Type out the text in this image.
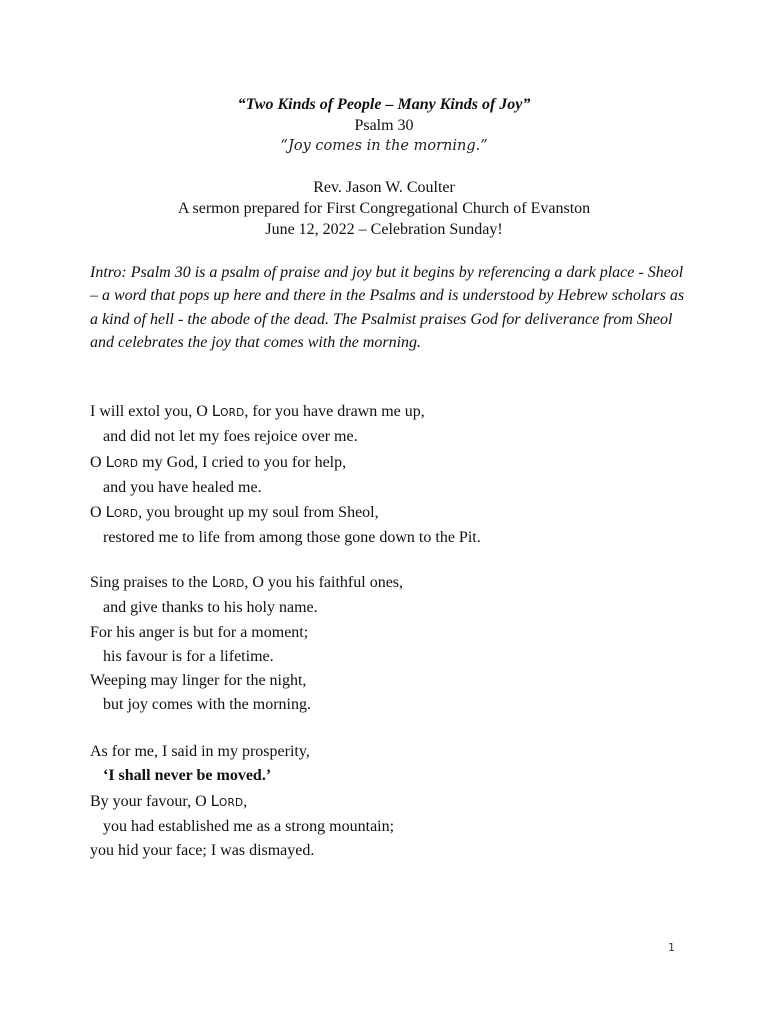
“Two Kinds of People – Many Kinds of Joy”
Psalm 30
“Joy comes in the morning.”
Rev. Jason W. Coulter
A sermon prepared for First Congregational Church of Evanston
June 12, 2022 – Celebration Sunday!
Intro: Psalm 30 is a psalm of praise and joy but it begins by referencing a dark place - Sheol – a word that pops up here and there in the Psalms and is understood by Hebrew scholars as a kind of hell - the abode of the dead. The Psalmist praises God for deliverance from Sheol and celebrates the joy that comes with the morning.
I will extol you, O LORD, for you have drawn me up,
and did not let my foes rejoice over me.
O LORD my God, I cried to you for help,
and you have healed me.
O LORD, you brought up my soul from Sheol,
restored me to life from among those gone down to the Pit.
Sing praises to the LORD, O you his faithful ones,
and give thanks to his holy name.
For his anger is but for a moment;
his favour is for a lifetime.
Weeping may linger for the night,
but joy comes with the morning.
As for me, I said in my prosperity,
‘I shall never be moved.’
By your favour, O LORD,
you had established me as a strong mountain;
you hid your face; I was dismayed.
1
